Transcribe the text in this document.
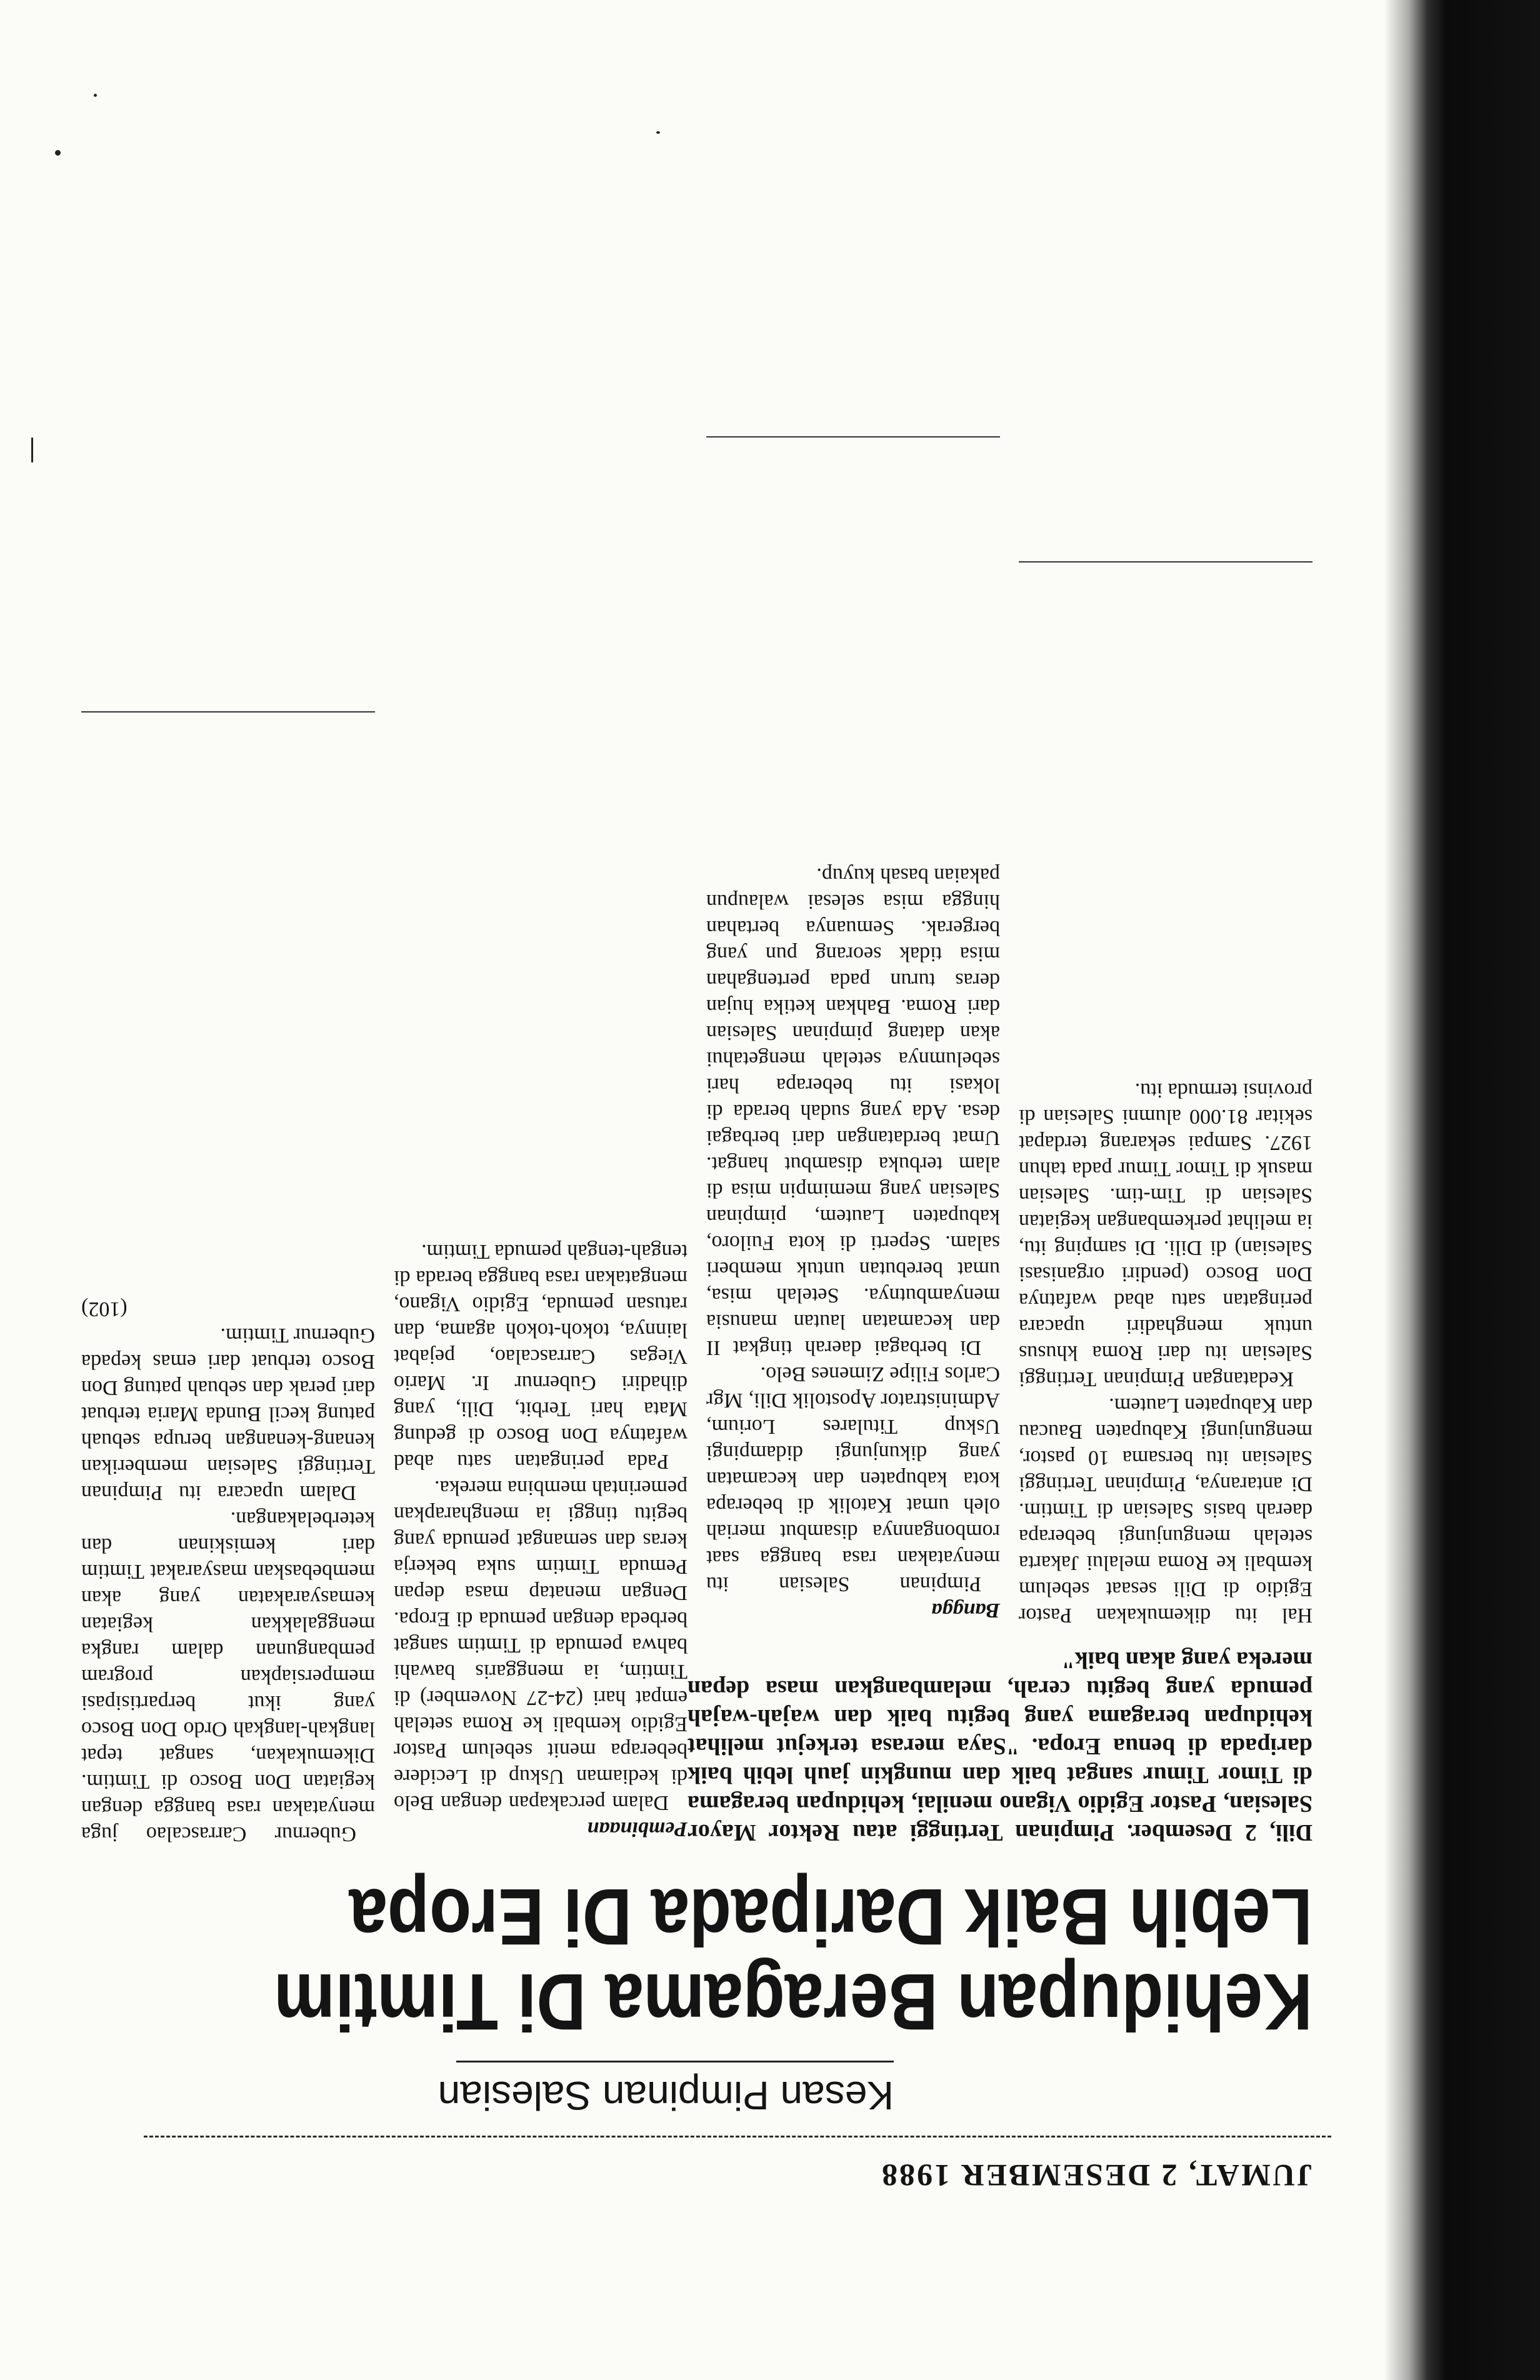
JUMAT, 2 DESEMBER 1988
Kesan Pimpinan Salesian
Kehidupan Beragama Di Timtim
Lebih Baik Daripada Di Eropa
Dili, 2 Desember. Pimpinan Tertinggi atau Rektor Mayor Salesian, Pastor Egidio Vigano menilai, kehidupan beragama di Timor Timur sangat baik dan mungkin jauh lebih baik daripada di benua Eropa. "Saya merasa terkejut melihat kehidupan beragama yang begitu baik dan wajah-wajah pemuda yang begitu cerah, melambangkan masa depan mereka yang akan baik"

Hal itu dikemukakan Pastor Egidio di Dili sesaat sebelum kembali ke Roma melalui Jakarta setelah mengunjungi beberapa daerah basis Salesian di Timtim. Di antaranya, Pimpinan Tertinggi Salesian itu bersama 10 pastor, mengunjungi Kabupaten Baucau dan Kabupaten Lautem.

Kedatangan Pimpinan Tertinggi Salesian itu dari Roma khusus untuk menghadiri upacara peringatan satu abad wafatnya Don Bosco (pendiri organisasi Salesian) di Dili. Di samping itu, ia melihat perkembangan kegiatan Salesian di Tim-tim. Salesian masuk di Timor Timur pada tahun 1927. Sampai sekarang terdapat sekitar 81.000 alumni Salesian di provinsi termuda itu.

Bangga

Pimpinan Salesian itu menyatakan rasa bangga saat rombongannya disambut meriah oleh umat Katolik di beberapa kota kabupaten dan kecamatan yang dikunjungi didampingi Uskup Titulares Lorium, Administrator Apostolik Dili, Mgr Carlos Filipe Zimenes Belo.

Di berbagai daerah tingkat II dan kecamatan lautan manusia menyambutnya. Setelah misa, umat berebutan untuk memberi salam. Seperti di kota Fuiloro, kabupaten Lautem, pimpinan Salesian yang memimpin misa di alam terbuka disambut hangat. Umat berdatangan dari berbagai desa. Ada yang sudah berada di lokasi itu beberapa hari sebelumnya setelah mengetahui akan datang pimpinan Salesian dari Roma. Bahkan ketika hujan deras turun pada pertengahan misa tidak seorang pun yang bergerak. Semuanya bertahan hingga misa selesai walaupun pakaian basah kuyup.

Pembinaan

Dalam percakapan dengan Belo di kediaman Uskup di Lecidere beberapa menit sebelum Pastor Egidio kembali ke Roma setelah empat hari (24-27 November) di Timtim, ia menggaris bawahi bahwa pemuda di Timtim sangat berbeda dengan pemuda di Eropa. Dengan menatap masa depan Pemuda Timtim suka bekerja keras dan semangat pemuda yang begitu tinggi ia mengharapkan pemerintah membina mereka.

Pada peringatan satu abad wafatnya Don Bosco di gedung Mata hari Terbit, Dili, yang dihadiri Gubernur Ir. Mario Viegas Carrascalao, pejabat lainnya, tokoh-tokoh agama, dan ratusan pemuda, Egidio Vigano, mengatakan rasa bangga berada di tengah-tengah pemuda Timtim.

Gubernur Carrascalao juga menyatakan rasa bangga dengan kegiatan Don Bosco di Timtim. Dikemukakan, sangat tepat langkah-langkah Ordo Don Bosco yang ikut berpartisipasi mempersiapkan program pembangunan dalam rangka menggalakkan kegiatan kemasyarakatan yang akan membebaskan masyarakat Timtim dari kemiskinan dan keterbelakangan.

Dalam upacara itu Pimpinan Tertinggi Salesian memberikan kenang-kenangan berupa sebuah patung kecil Bunda Maria terbuat dari perak dan sebuah patung Don Bosco terbuat dari emas kepada Gubernur Timtim.

(102)
